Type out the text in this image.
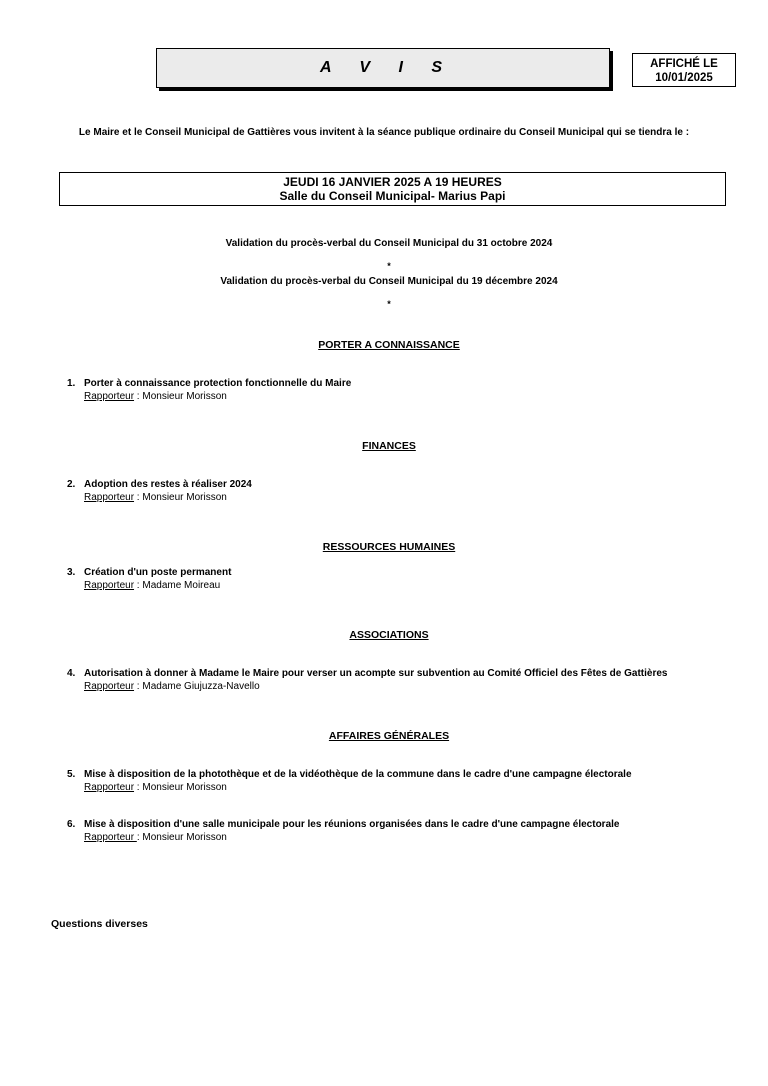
A V I S	AFFICHÉ LE
10/01/2025
Le Maire et le Conseil Municipal de Gattières vous invitent à la séance publique ordinaire du Conseil Municipal qui se tiendra le :
JEUDI 16 JANVIER 2025 A 19 HEURES
Salle du Conseil Municipal- Marius Papi
Validation du procès-verbal du Conseil Municipal du 31 octobre 2024
*
Validation du procès-verbal du Conseil Municipal du 19 décembre 2024
*
PORTER A CONNAISSANCE
1. Porter à connaissance protection fonctionnelle du Maire
Rapporteur : Monsieur Morisson
FINANCES
2. Adoption des restes à réaliser 2024
Rapporteur : Monsieur Morisson
RESSOURCES HUMAINES
3. Création d'un poste permanent
Rapporteur : Madame Moireau
ASSOCIATIONS
4. Autorisation à donner à Madame le Maire pour verser un acompte sur subvention au Comité Officiel des Fêtes de Gattières
Rapporteur : Madame Giujuzza-Navello
AFFAIRES GÉNÉRALES
5. Mise à disposition de la photothèque et de la vidéothèque de la commune dans le cadre d'une campagne électorale
Rapporteur : Monsieur Morisson
6. Mise à disposition d'une salle municipale pour les réunions organisées dans le cadre d'une campagne électorale
Rapporteur : Monsieur Morisson
Questions diverses
